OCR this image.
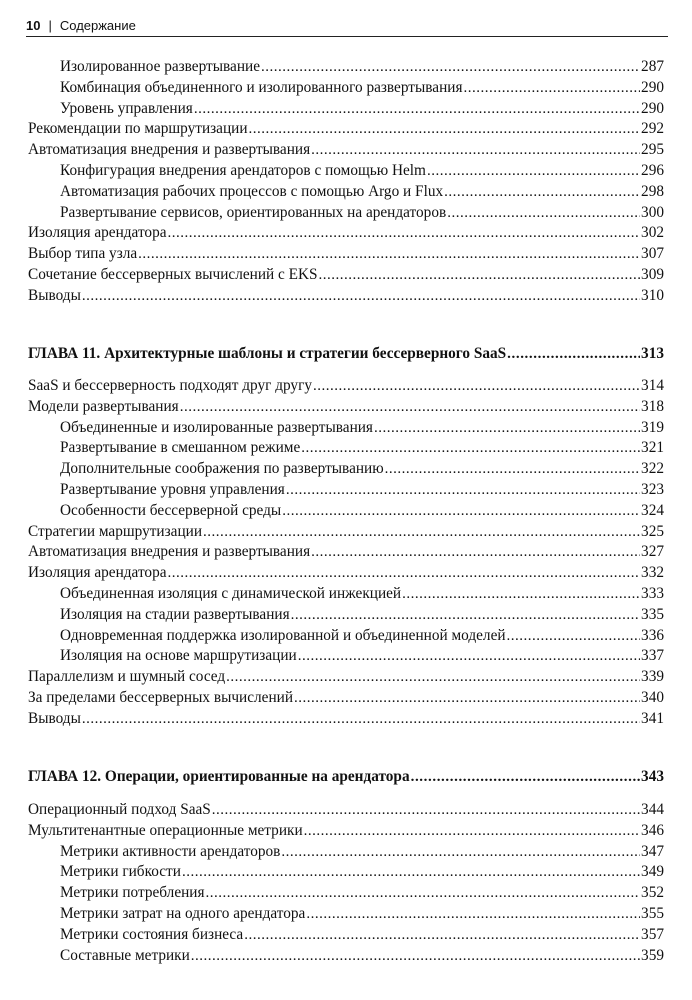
10 | Содержание
Изолированное развертывание .....	287
Комбинация объединенного и изолированного развертывания .....	290
Уровень управления .....	290
Рекомендации по маршрутизации .....	292
Автоматизация внедрения и развертывания .....	295
Конфигурация внедрения арендаторов с помощью Helm .....	296
Автоматизация рабочих процессов с помощью Argo и Flux .....	298
Развертывание сервисов, ориентированных на арендаторов .....	300
Изоляция арендатора .....	302
Выбор типа узла .....	307
Сочетание бессерверных вычислений с EKS .....	309
Выводы .....	310
ГЛАВА 11. Архитектурные шаблоны и стратегии бессерверного SaaS .....	313
SaaS и бессерверность подходят друг другу .....	314
Модели развертывания .....	318
Объединенные и изолированные развертывания .....	319
Развертывание в смешанном режиме .....	321
Дополнительные соображения по развертыванию .....	322
Развертывание уровня управления .....	323
Особенности бессерверной среды .....	324
Стратегии маршрутизации .....	325
Автоматизация внедрения и развертывания .....	327
Изоляция арендатора .....	332
Объединенная изоляция с динамической инжекцией .....	333
Изоляция на стадии развертывания .....	335
Одновременная поддержка изолированной и объединенной моделей .....	336
Изоляция на основе маршрутизации .....	337
Параллелизм и шумный сосед .....	339
За пределами бессерверных вычислений .....	340
Выводы .....	341
ГЛАВА 12. Операции, ориентированные на арендатора .....	343
Операционный подход SaaS .....	344
Мультитенантные операционные метрики .....	346
Метрики активности арендаторов .....	347
Метрики гибкости .....	349
Метрики потребления .....	352
Метрики затрат на одного арендатора .....	355
Метрики состояния бизнеса .....	357
Составные метрики .....	359
